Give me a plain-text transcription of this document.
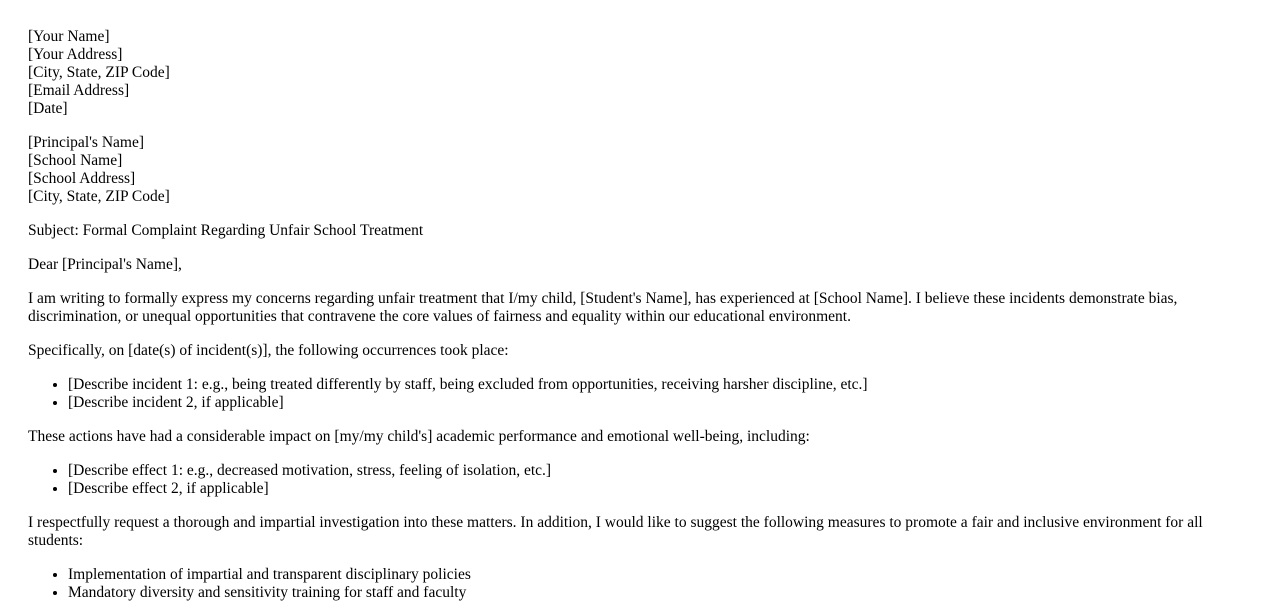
[Your Name]
[Your Address]
[City, State, ZIP Code]
[Email Address]
[Date]
[Principal's Name]
[School Name]
[School Address]
[City, State, ZIP Code]

Subject: Formal Complaint Regarding Unfair School Treatment

Dear [Principal's Name],

I am writing to formally express my concerns regarding unfair treatment that I/my child, [Student's Name], has experienced at [School Name]. I believe these incidents demonstrate bias, discrimination, or unequal opportunities that contravene the core values of fairness and equality within our educational environment.

Specifically, on [date(s) of incident(s)], the following occurrences took place:

• [Describe incident 1: e.g., being treated differently by staff, being excluded from opportunities, receiving harsher discipline, etc.]
• [Describe incident 2, if applicable]

These actions have had a considerable impact on [my/my child's] academic performance and emotional well-being, including:

• [Describe effect 1: e.g., decreased motivation, stress, feeling of isolation, etc.]
• [Describe effect 2, if applicable]

I respectfully request a thorough and impartial investigation into these matters. In addition, I would like to suggest the following measures to promote a fair and inclusive environment for all students:

• Implementation of impartial and transparent disciplinary policies
• Mandatory diversity and sensitivity training for staff and faculty
